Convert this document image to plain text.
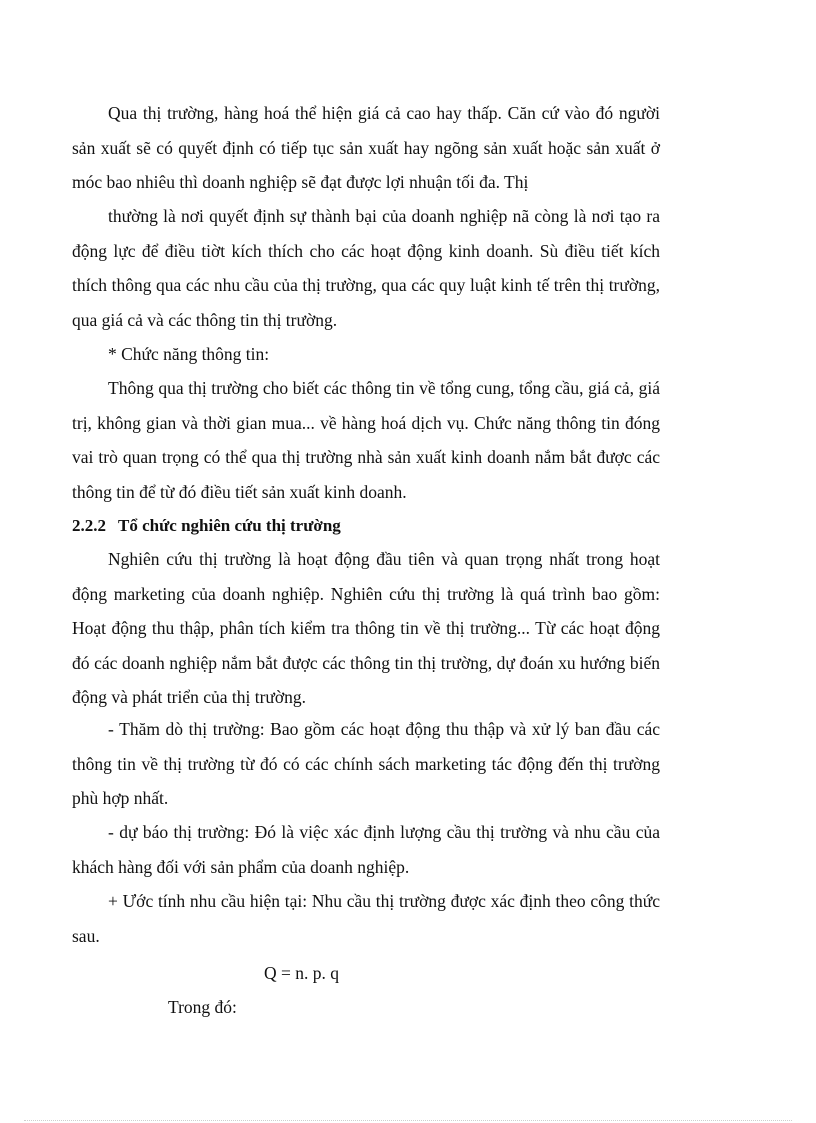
Qua thị trường, hàng hoá thể hiện giá cả cao hay thấp. Căn cứ vào đó người sản xuất sẽ có quyết định có tiếp tục sản xuất hay ngõng sản xuất hoặc sản xuất ở móc bao nhiêu thì doanh nghiệp sẽ đạt được lợi nhuận tối đa. Thị

thường là nơi quyết định sự thành bại của doanh nghiệp nã còng là nơi tạo ra động lực để điều tiờt kích thích cho các hoạt động kinh doanh. Sù điều tiết kích thích thông qua các nhu cầu của thị trường, qua các quy luật kinh tế trên thị trường, qua giá cả và các thông tin thị trường.

* Chức năng thông tin:

Thông qua thị trường cho biết các thông tin về tổng cung, tổng cầu, giá cả, giá trị, không gian và thời gian mua... về hàng hoá dịch vụ. Chức năng thông tin đóng vai trò quan trọng có thể qua thị trường nhà sản xuất kinh doanh nắm bắt được các thông tin để từ đó điều tiết sản xuất kinh doanh.

2.2.2 Tổ chức nghiên cứu thị trường

Nghiên cứu thị trường là hoạt động đầu tiên và quan trọng nhất trong hoạt động marketing của doanh nghiệp. Nghiên cứu thị trường là quá trình bao gồm: Hoạt động thu thập, phân tích kiểm tra thông tin về thị trường... Từ các hoạt động đó các doanh nghiệp nắm bắt được các thông tin thị trường, dự đoán xu hướng biến động và phát triển của thị trường.

- Thăm dò thị trường: Bao gồm các hoạt động thu thập và xử lý ban đầu các thông tin về thị trường từ đó có các chính sách marketing tác động đến thị trường phù hợp nhất.

- dự báo thị trường: Đó là việc xác định lượng cầu thị trường và nhu cầu của khách hàng đối với sản phẩm của doanh nghiệp.

+ Ước tính nhu cầu hiện tại: Nhu cầu thị trường được xác định theo công thức sau.

Q = n. p. q

Trong đó:
